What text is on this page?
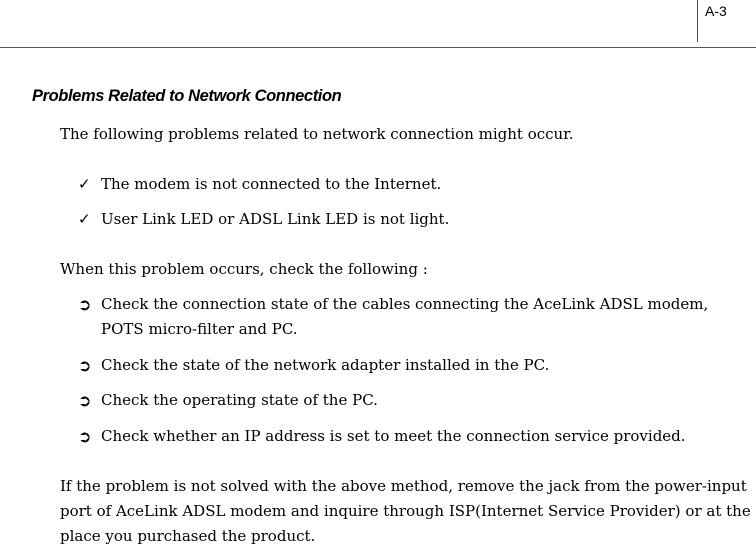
A-3
Problems Related to Network Connection
The following problems related to network connection might occur.
✓ The modem is not connected to the Internet.
✓ User Link LED or ADSL Link LED is not light.
When this problem occurs, check the following :
➲ Check the connection state of the cables connecting the AceLink ADSL modem, POTS micro-filter and PC.
➲ Check the state of the network adapter installed in the PC.
➲ Check the operating state of the PC.
➲ Check whether an IP address is set to meet the connection service provided.
If the problem is not solved with the above method, remove the jack from the power-input port of AceLink ADSL modem and inquire through ISP(Internet Service Provider) or at the place you purchased the product.
